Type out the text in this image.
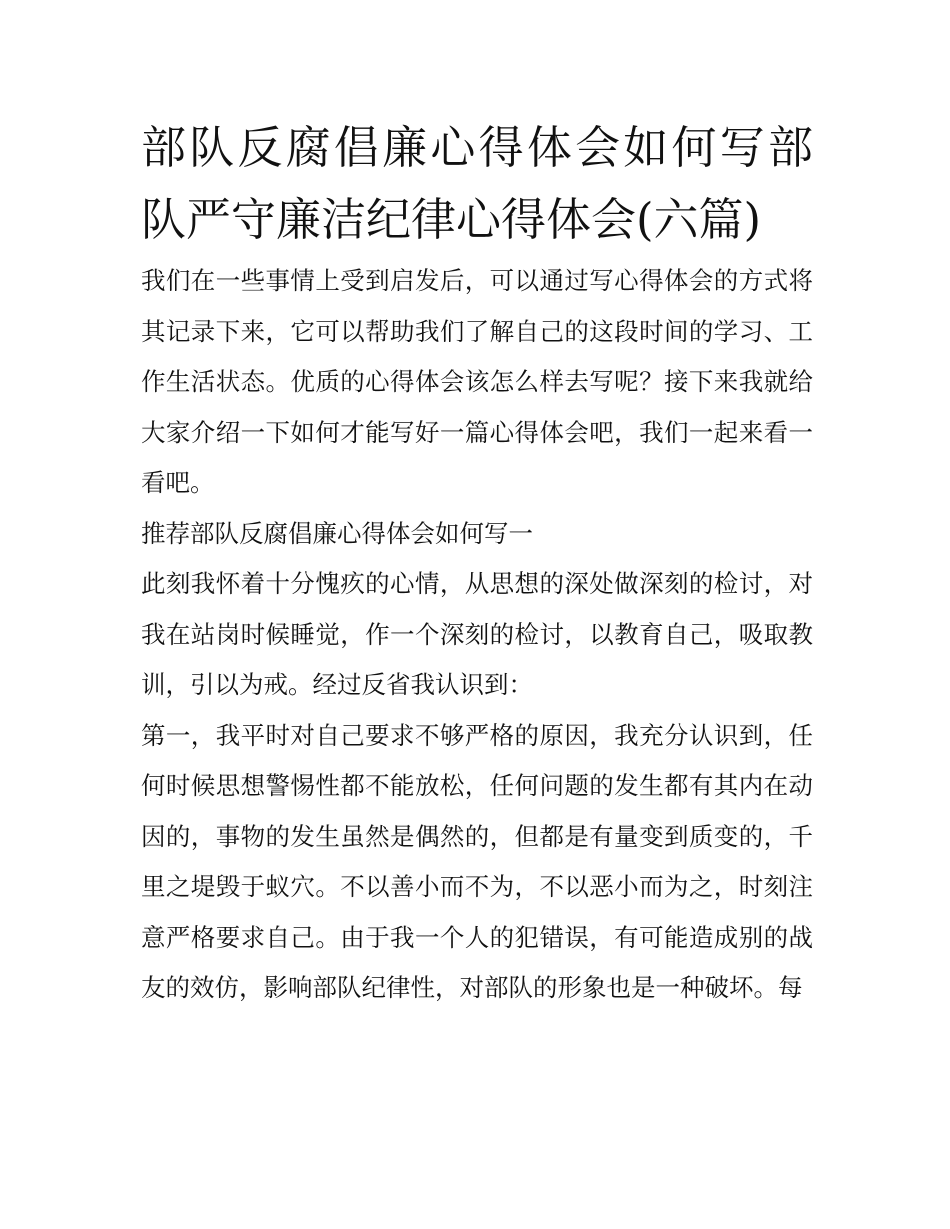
部队反腐倡廉心得体会如何写部队严守廉洁纪律心得体会(六篇)

我们在一些事情上受到启发后，可以通过写心得体会的方式将其记录下来，它可以帮助我们了解自己的这段时间的学习、工作生活状态。优质的心得体会该怎么样去写呢？接下来我就给大家介绍一下如何才能写好一篇心得体会吧，我们一起来看一看吧。

推荐部队反腐倡廉心得体会如何写一

此刻我怀着十分愧疚的心情，从思想的深处做深刻的检讨，对我在站岗时候睡觉，作一个深刻的检讨，以教育自己，吸取教训，引以为戒。经过反省我认识到：

第一，我平时对自己要求不够严格的原因，我充分认识到，任何时候思想警惕性都不能放松，任何问题的发生都有其内在动因的，事物的发生虽然是偶然的，但都是有量变到质变的，千里之堤毁于蚁穴。不以善小而不为，不以恶小而为之，时刻注意严格要求自己。由于我一个人的犯错误，有可能造成别的战友的效仿，影响部队纪律性，对部队的形象也是一种破坏。每
